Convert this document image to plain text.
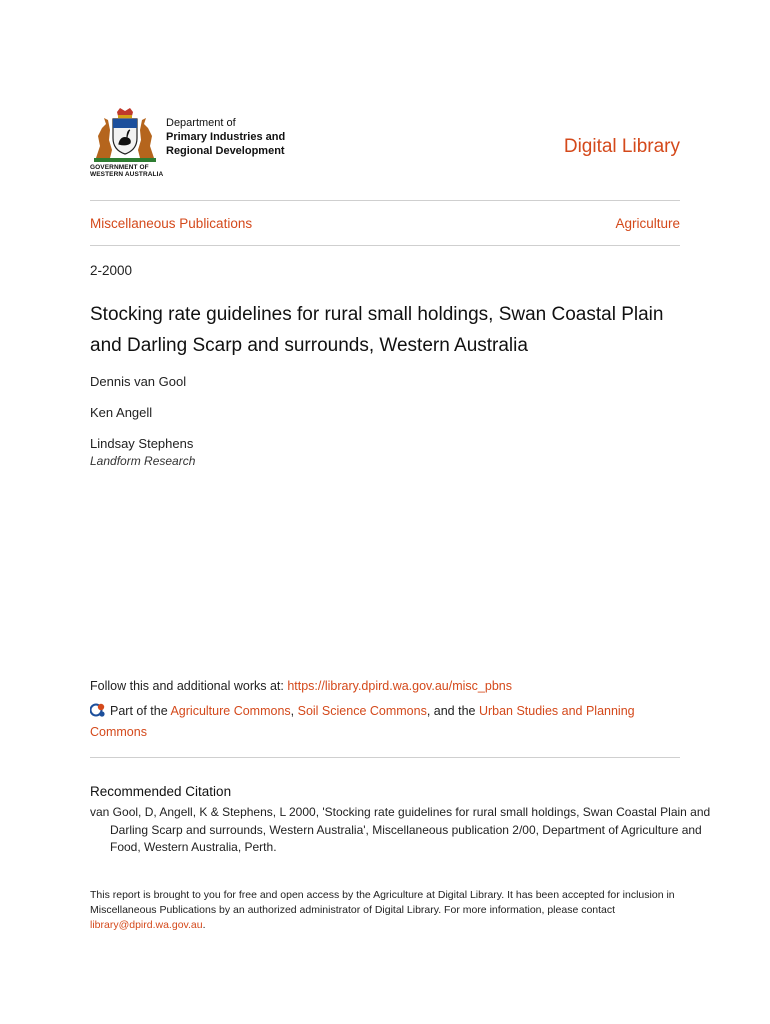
Department of
Primary Industries and
Regional Development
GOVERNMENT OF
WESTERN AUSTRALIA
Digital Library
Miscellaneous Publications	Agriculture
2-2000
Stocking rate guidelines for rural small holdings, Swan Coastal Plain and Darling Scarp and surrounds, Western Australia
Dennis van Gool
Ken Angell
Lindsay Stephens
Landform Research
Follow this and additional works at: https://library.dpird.wa.gov.au/misc_pbns
Part of the Agriculture Commons, Soil Science Commons, and the Urban Studies and Planning Commons
Recommended Citation
van Gool, D, Angell, K & Stephens, L 2000, 'Stocking rate guidelines for rural small holdings, Swan Coastal Plain and Darling Scarp and surrounds, Western Australia', Miscellaneous publication 2/00, Department of Agriculture and Food, Western Australia, Perth.
This report is brought to you for free and open access by the Agriculture at Digital Library. It has been accepted for inclusion in Miscellaneous Publications by an authorized administrator of Digital Library. For more information, please contact library@dpird.wa.gov.au.
